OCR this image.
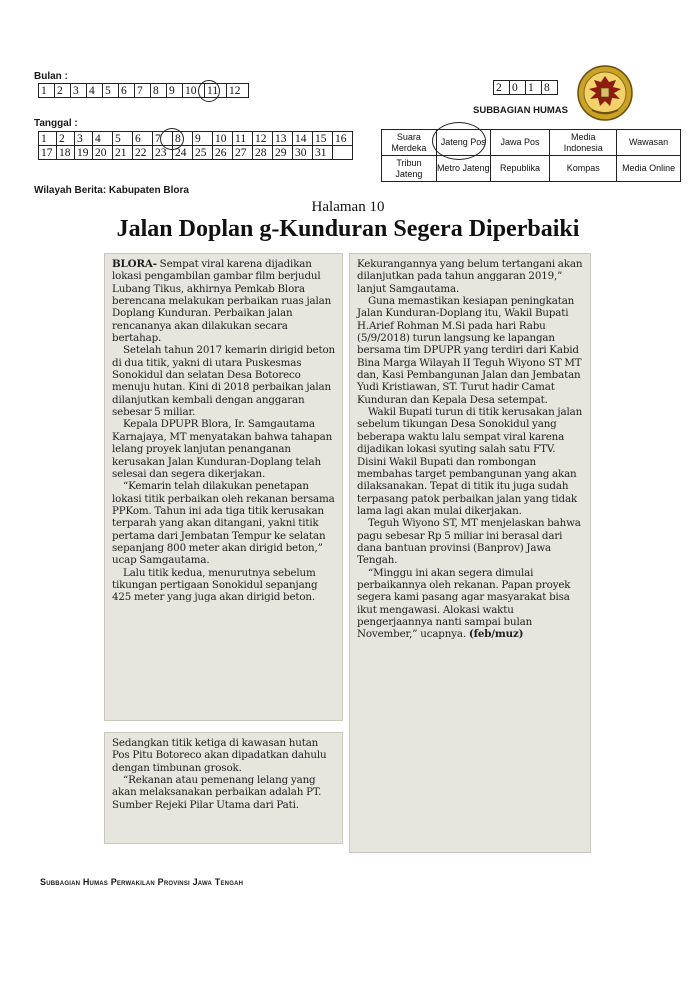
Bulan :
1	2	3	4	5	6	7	8	9	10	11	12
Tanggal :
1	2	3	4	5	6	7	8	9	10	11	12	13	14	15	16
17	18	19	20	21	22	23	24	25	26	27	28	29	30	31	
Wilayah Berita: Kabupaten Blora
2	0	1	8
SUBBAGIAN HUMAS
Suara Merdeka	Jateng Pos	Jawa Pos	Media Indonesia	Wawasan
Tribun Jateng	Metro Jateng	Republika	Kompas	Media Online
Halaman 10
Jalan Doplan g-Kunduran Segera Diperbaiki

BLORA- Sempat viral karena dijadikan lokasi pengambilan gambar film berjudul Lubang Tikus, akhirnya Pemkab Blora berencana melakukan perbaikan ruas jalan Doplang Kunduran. Perbaikan jalan rencananya akan dilakukan secara bertahap.

Setelah tahun 2017 kemarin dirigid beton di dua titik, yakni di utara Puskesmas Sonokidul dan selatan Desa Botoreco menuju hutan. Kini di 2018 perbaikan jalan dilanjutkan kembali dengan anggaran sebesar 5 miliar.

Kepala DPUPR Blora, Ir. Samgautama Karnajaya, MT menyatakan bahwa tahapan lelang proyek lanjutan penanganan kerusakan Jalan Kunduran-Doplang telah selesai dan segera dikerjakan.

“Kemarin telah dilakukan penetapan lokasi titik perbaikan oleh rekanan bersama PPKom. Tahun ini ada tiga titik kerusakan terparah yang akan ditangani, yakni titik pertama dari Jembatan Tempur ke selatan sepanjang 800 meter akan dirigid beton,” ucap Samgautama.

Lalu titik kedua, menurutnya sebelum tikungan pertigaan Sonokidul sepanjang 425 meter yang juga akan dirigid beton.

Sedangkan titik ketiga di kawasan hutan Pos Pitu Botoreco akan dipadatkan dahulu dengan timbunan grosok.

“Rekanan atau pemenang lelang yang akan melaksanakan perbaikan adalah PT. Sumber Rejeki Pilar Utama dari Pati.

Kekurangannya yang belum tertangani akan dilanjutkan pada tahun anggaran 2019,” lanjut Samgautama.

Guna memastikan kesiapan peningkatan Jalan Kunduran-Doplang itu, Wakil Bupati H.Arief Rohman M.Si pada hari Rabu (5/9/2018) turun langsung ke lapangan bersama tim DPUPR yang terdiri dari Kabid Bina Marga Wilayah II Teguh Wiyono ST MT dan, Kasi Pembangunan Jalan dan Jembatan Yudi Kristiawan, ST. Turut hadir Camat Kunduran dan Kepala Desa setempat.

Wakil Bupati turun di titik kerusakan jalan sebelum tikungan Desa Sonokidul yang beberapa waktu lalu sempat viral karena dijadikan lokasi syuting salah satu FTV. Disini Wakil Bupati dan rombongan membahas target pembangunan yang akan dilaksanakan. Tepat di titik itu juga sudah terpasang patok perbaikan jalan yang tidak lama lagi akan mulai dikerjakan.

Teguh Wiyono ST, MT menjelaskan bahwa pagu sebesar Rp 5 miliar ini berasal dari dana bantuan provinsi (Banprov) Jawa Tengah.

“Minggu ini akan segera dimulai perbaikannya oleh rekanan. Papan proyek segera kami pasang agar masyarakat bisa ikut mengawasi. Alokasi waktu pengerjaannya nanti sampai bulan November,” ucapnya. (feb/muz)

Subbagian Humas Perwakilan Provinsi Jawa Tengah
